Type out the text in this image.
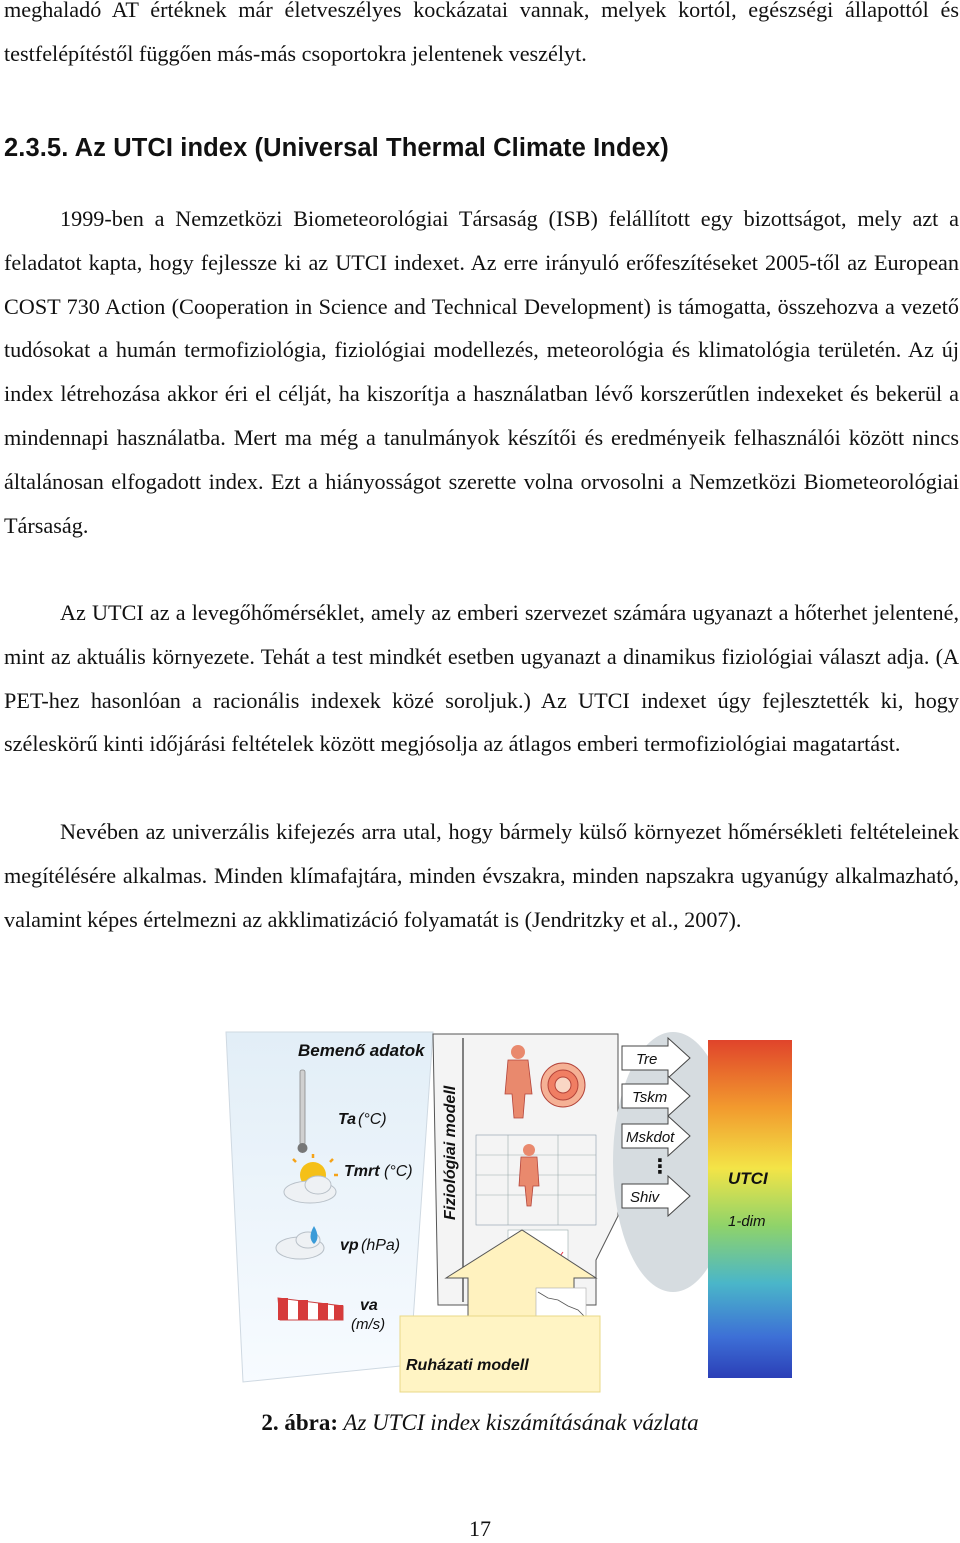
meghaladó AT értéknek már életveszélyes kockázatai vannak, melyek kortól, egészségi állapottól és testfelépítéstől függően más-más csoportokra jelentenek veszélyt.
2.3.5. Az UTCI index (Universal Thermal Climate Index)
1999-ben a Nemzetközi Biometeorológiai Társaság (ISB) felállított egy bizottságot, mely azt a feladatot kapta, hogy fejlessze ki az UTCI indexet. Az erre irányuló erőfeszítéseket 2005-től az European COST 730 Action (Cooperation in Science and Technical Development) is támogatta, összehozva a vezető tudósokat a humán termofiziológia, fiziológiai modellezés, meteorológia és klimatológia területén. Az új index létrehozása akkor éri el célját, ha kiszorítja a használatban lévő korszerűtlen indexeket és bekerül a mindennapi használatba. Mert ma még a tanulmányok készítői és eredményeik felhasználói között nincs általánosan elfogadott index. Ezt a hiányosságot szerette volna orvosolni a Nemzetközi Biometeorológiai Társaság.
Az UTCI az a levegőhőmérséklet, amely az emberi szervezet számára ugyanazt a hőterhet jelentené, mint az aktuális környezete. Tehát a test mindkét esetben ugyanazt a dinamikus fiziológiai választ adja. (A PET-hez hasonlóan a racionális indexek közé soroljuk.) Az UTCI indexet úgy fejlesztették ki, hogy széleskörű kinti időjárási feltételek között megjósolja az átlagos emberi termofiziológiai magatartást.
Nevében az univerzális kifejezés arra utal, hogy bármely külső környezet hőmérsékleti feltételeinek megítélésére alkalmas. Minden klímafajtára, minden évszakra, minden napszakra ugyanúgy alkalmazható, valamint képes értelmezni az akklimatizáció folyamatát is (Jendritzky et al., 2007).
Bemenő adatok
Ta (°C)
Tmrt (°C)
vp (hPa)
va
(m/s)
Fiziológiai modell
Tre
Tskm
Mskdot
⋮
Shiv
UTCI
1-dim
Ruházati modell
2. ábra: Az UTCI index kiszámításának vázlata
17
